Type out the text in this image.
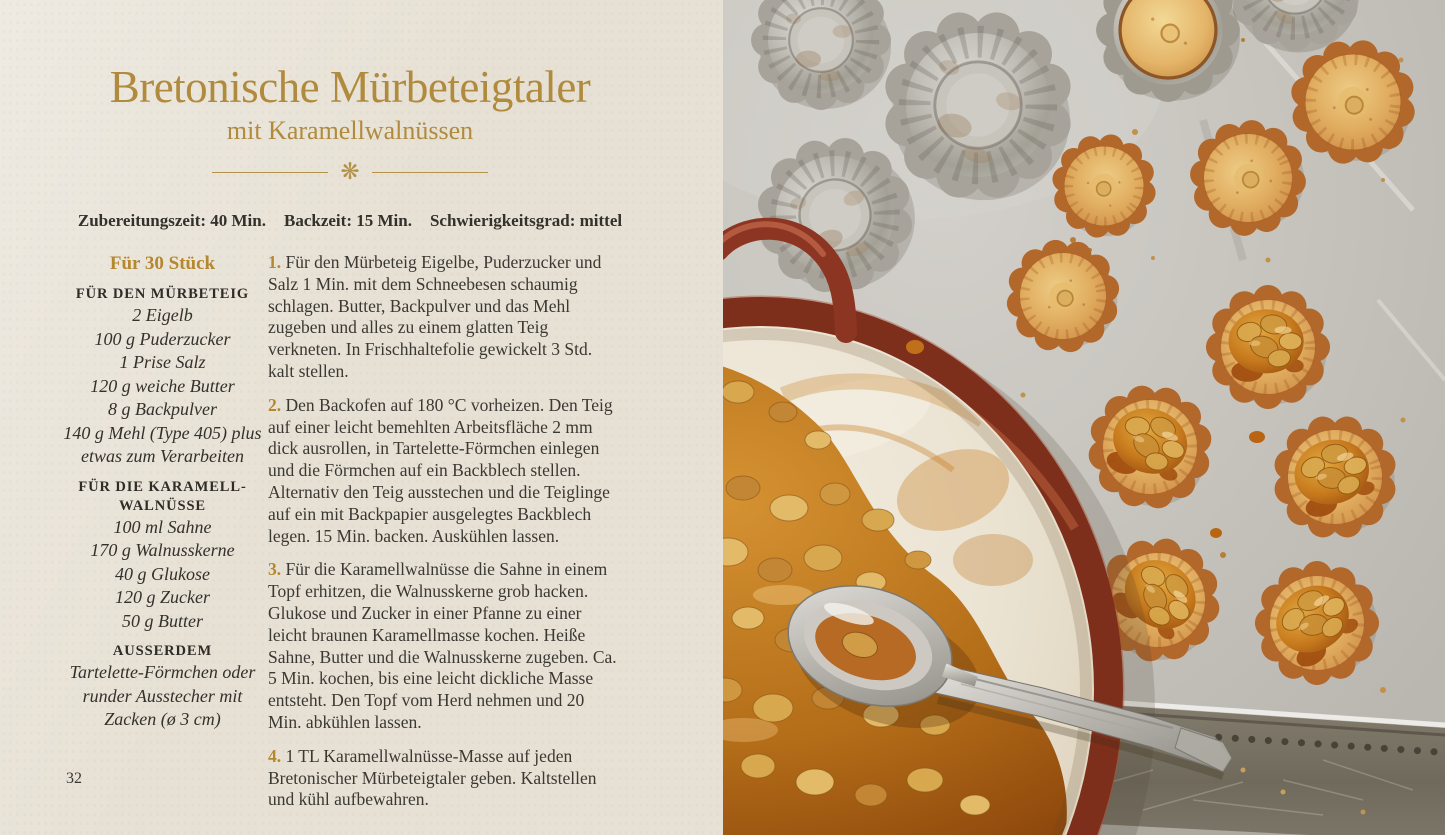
Bretonische Mürbeteigtaler
mit Karamellwalnüssen
❋
Zubereitungszeit: 40 Min. Backzeit: 15 Min. Schwierigkeitsgrad: mittel
Für 30 Stück
FÜR DEN MÜRBETEIG
2 Eigelb
100 g Puderzucker
1 Prise Salz
120 g weiche Butter
8 g Backpulver
140 g Mehl (Type 405) plus etwas zum Verarbeiten
FÜR DIE KARAMELL-WALNÜSSE
100 ml Sahne
170 g Walnusskerne
40 g Glukose
120 g Zucker
50 g Butter
AUSSERDEM
Tartelette-Förmchen oder runder Ausstecher mit Zacken (ø 3 cm)

1. Für den Mürbeteig Eigelbe, Puderzucker und Salz 1 Min. mit dem Schneebesen schaumig schlagen. Butter, Backpulver und das Mehl zugeben und alles zu einem glatten Teig verkneten. In Frischhaltefolie gewickelt 3 Std. kalt stellen.

2. Den Backofen auf 180 °C vorheizen. Den Teig auf einer leicht bemehlten Arbeitsfläche 2 mm dick ausrollen, in Tartelette-Förmchen einlegen und die Förmchen auf ein Backblech stellen. Alternativ den Teig ausstechen und die Teiglinge auf ein mit Backpapier ausgelegtes Backblech legen. 15 Min. backen. Auskühlen lassen.

3. Für die Karamellwalnüsse die Sahne in einem Topf erhitzen, die Walnusskerne grob hacken. Glukose und Zucker in einer Pfanne zu einer leicht braunen Karamellmasse kochen. Heiße Sahne, Butter und die Walnusskerne zugeben. Ca. 5 Min. kochen, bis eine leicht dickliche Masse entsteht. Den Topf vom Herd nehmen und 20 Min. abkühlen lassen.

4. 1 TL Karamellwalnüsse-Masse auf jeden Bretonischer Mürbeteigtaler geben. Kaltstellen und kühl aufbewahren.

32
